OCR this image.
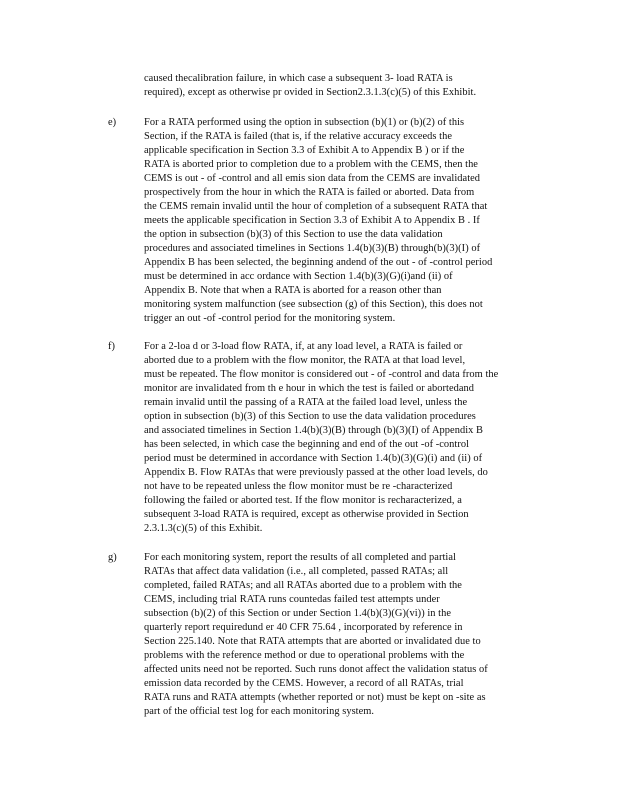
caused thecalibration failure, in which case a subsequent 3- load RATA is
required), except as otherwise pr ovided in Section2.3.1.3(c)(5) of this Exhibit.
e)	For a RATA performed using the option in subsection (b)(1) or (b)(2) of this
Section, if the RATA is failed (that is, if the relative accuracy exceeds the
applicable specification in Section 3.3 of Exhibit A to Appendix B ) or if the
RATA is aborted prior to completion due to a problem with the CEMS, then the
CEMS is out - of -control and all emis sion data from the CEMS are invalidated
prospectively from the hour in which the RATA is failed or aborted. Data from
the CEMS remain invalid until the hour of completion of a subsequent RATA that
meets the applicable specification in Section 3.3 of Exhibit A to Appendix B . If
the option in subsection (b)(3) of this Section to use the data validation
procedures and associated timelines in Sections 1.4(b)(3)(B) through(b)(3)(I) of
Appendix B has been selected, the beginning andend of the out - of -control period
must be determined in acc ordance with Section 1.4(b)(3)(G)(i)and (ii) of
Appendix B. Note that when a RATA is aborted for a reason other than
monitoring system malfunction (see subsection (g) of this Section), this does not
trigger an out -of -control period for the monitoring system.
f)	For a 2-loa d or 3-load flow RATA, if, at any load level, a RATA is failed or
aborted due to a problem with the flow monitor, the RATA at that load level,
must be repeated. The flow monitor is considered out - of -control and data from the
monitor are invalidated from th e hour in which the test is failed or abortedand
remain invalid until the passing of a RATA at the failed load level, unless the
option in subsection (b)(3) of this Section to use the data validation procedures
and associated timelines in Section 1.4(b)(3)(B) through (b)(3)(I) of Appendix B
has been selected, in which case the beginning and end of the out -of -control
period must be determined in accordance with Section 1.4(b)(3)(G)(i) and (ii) of
Appendix B. Flow RATAs that were previously passed at the other load levels, do
not have to be repeated unless the flow monitor must be re -characterized
following the failed or aborted test. If the flow monitor is recharacterized, a
subsequent 3-load RATA is required, except as otherwise provided in Section
2.3.1.3(c)(5) of this Exhibit.
g)	For each monitoring system, report the results of all completed and partial
RATAs that affect data validation (i.e., all completed, passed RATAs; all
completed, failed RATAs; and all RATAs aborted due to a problem with the
CEMS, including trial RATA runs countedas failed test attempts under
subsection (b)(2) of this Section or under Section 1.4(b)(3)(G)(vi)) in the
quarterly report requiredund er 40 CFR 75.64 , incorporated by reference in
Section 225.140. Note that RATA attempts that are aborted or invalidated due to
problems with the reference method or due to operational problems with the
affected units need not be reported. Such runs donot affect the validation status of
emission data recorded by the CEMS. However, a record of all RATAs, trial
RATA runs and RATA attempts (whether reported or not) must be kept on -site as
part of the official test log for each monitoring system.
